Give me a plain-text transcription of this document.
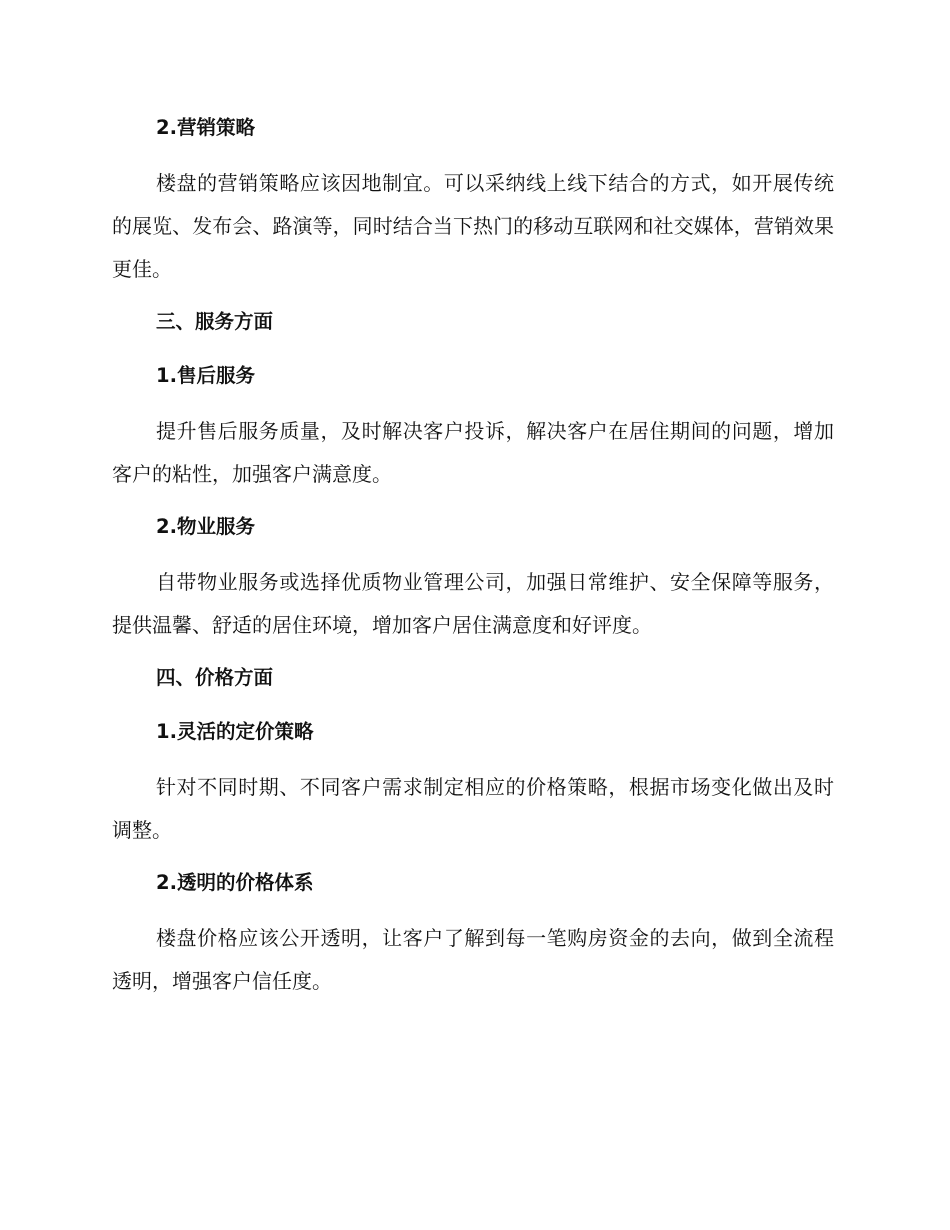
2.营销策略

楼盘的营销策略应该因地制宜。可以采纳线上线下结合的方式，如开展传统的展览、发布会、路演等，同时结合当下热门的移动互联网和社交媒体，营销效果更佳。

三、服务方面
1.售后服务

提升售后服务质量，及时解决客户投诉，解决客户在居住期间的问题，增加客户的粘性，加强客户满意度。

2.物业服务

自带物业服务或选择优质物业管理公司，加强日常维护、安全保障等服务，提供温馨、舒适的居住环境，增加客户居住满意度和好评度。

四、价格方面
1.灵活的定价策略

针对不同时期、不同客户需求制定相应的价格策略，根据市场变化做出及时调整。

2.透明的价格体系

楼盘价格应该公开透明，让客户了解到每一笔购房资金的去向，做到全流程透明，增强客户信任度。
